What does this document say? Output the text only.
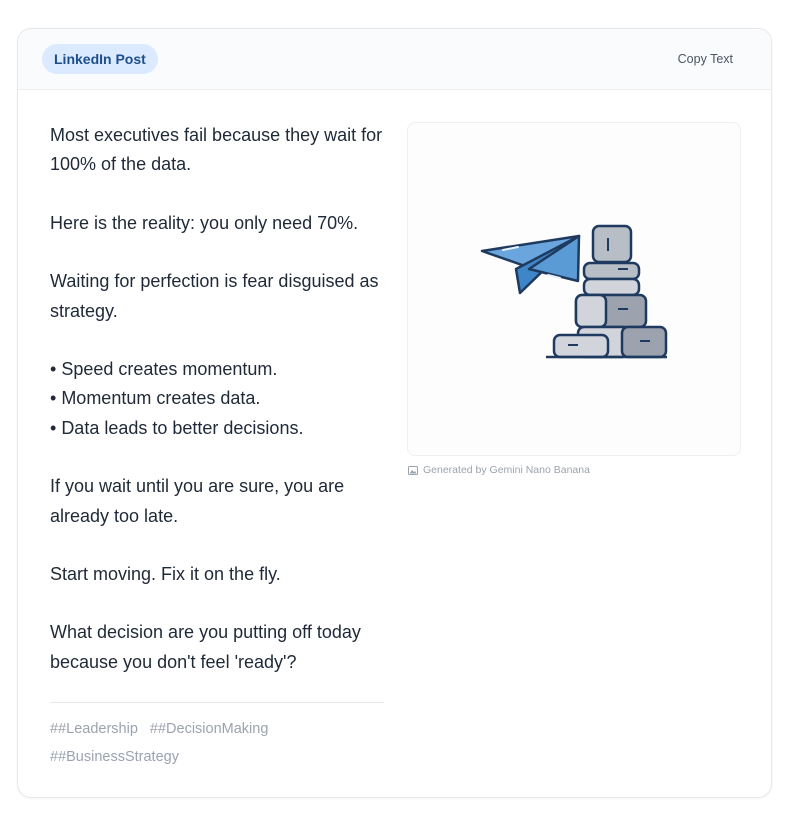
LinkedIn Post	Copy Text

Most executives fail because they wait for 100% of the data.

Here is the reality: you only need 70%.

Waiting for perfection is fear disguised as strategy.

• Speed creates momentum.
• Momentum creates data.
• Data leads to better decisions.

If you wait until you are sure, you are already too late.

Start moving. Fix it on the fly.

What decision are you putting off today because you don't feel 'ready'?

##Leadership ##DecisionMaking ##BusinessStrategy
Generated by Gemini Nano Banana
